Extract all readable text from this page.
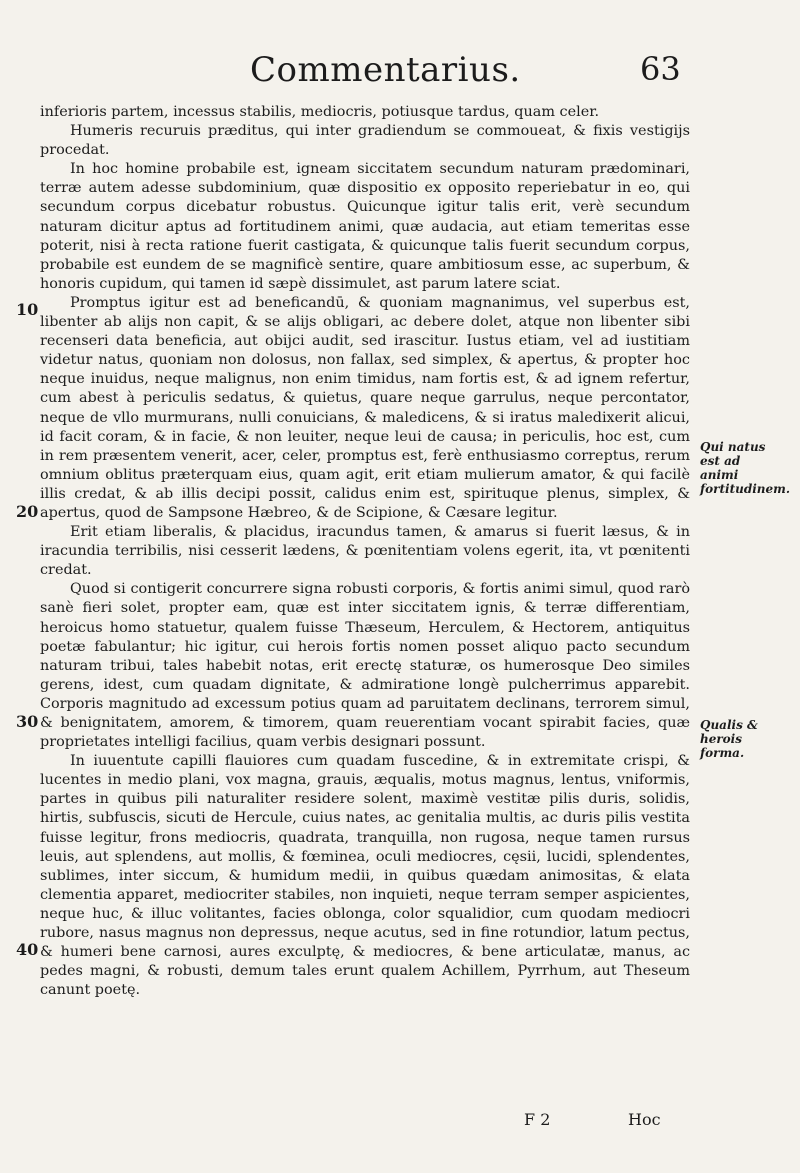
Commentarius.	63

inferioris partem, incessus stabilis, mediocris, potiusque tardus, quam celer.

Humeris recuruis præditus, qui inter gradiendum se commoueat, & fixis vestigijs procedat.

In hoc homine probabile est, igneam siccitatem secundum naturam prædominari, terræ autem adesse subdominium, quæ dispositio ex opposito reperiebatur in eo, qui secundum corpus dicebatur robustus. Quicunque igitur talis erit, verè secundum naturam dicitur aptus ad fortitudinem animi, quæ audacia, aut etiam temeritas esse poterit, nisi à recta ratione fuerit castigata, & quicunque talis fuerit secundum corpus, probabile est eundem de se magnificè sentire, quare ambitiosum esse, ac superbum, & honoris cupidum, qui tamen id sæpè dissimulet, ast parum latere sciat.

Promptus igitur est ad beneficandū, & quoniam magnanimus, vel superbus est, libenter ab alijs non capit, & se alijs obligari, ac debere dolet, atque non libenter sibi recenseri data beneficia, aut obijci audit, sed irascitur. Iustus etiam, vel ad iustitiam videtur natus, quoniam non dolosus, non fallax, sed simplex, & apertus, & propter hoc neque inuidus, neque malignus, non enim timidus, nam fortis est, & ad ignem refertur, cum abest à periculis sedatus, & quietus, quare neque garrulus, neque percontator, neque de vllo murmurans, nulli conuicians, & maledicens, & si iratus maledixerit alicui, id facit coram, & in facie, & non leuiter, neque leui de causa; in periculis, hoc est, cum in rem præsentem venerit, acer, celer, promptus est, ferè enthusiasmo correptus, rerum omnium oblitus præterquam eius, quam agit, erit etiam mulierum amator, & qui facilè illis credat, & ab illis decipi possit, calidus enim est, spirituque plenus, simplex, & apertus, quod de Sampsone Hæbreo, & de Scipione, & Cæsare legitur.

Erit etiam liberalis, & placidus, iracundus tamen, & amarus si fuerit læsus, & in iracundia terribilis, nisi cesserit lædens, & pœnitentiam volens egerit, ita, vt pœnitenti credat.

Quod si contigerit concurrere signa robusti corporis, & fortis animi simul, quod rarò sanè fieri solet, propter eam, quæ est inter siccitatem ignis, & terræ differentiam, heroicus homo statuetur, qualem fuisse Thæseum, Herculem, & Hectorem, antiquitus poetæ fabulantur; hic igitur, cui herois fortis nomen posset aliquo pacto secundum naturam tribui, tales habebit notas, erit erectę staturæ, os humerosque Deo similes gerens, idest, cum quadam dignitate, & admiratione longè pulcherrimus apparebit. Corporis magnitudo ad excessum potius quam ad paruitatem declinans, terrorem simul, & benignitatem, amorem, & timorem, quam reuerentiam vocant spirabit facies, quæ proprietates intelligi facilius, quam verbis designari possunt.

In iuuentute capilli flauiores cum quadam fuscedine, & in extremitate crispi, & lucentes in medio plani, vox magna, grauis, æqualis, motus magnus, lentus, vniformis, partes in quibus pili naturaliter residere solent, maximè vestitæ pilis duris, solidis, hirtis, subfuscis, sicuti de Hercule, cuius nates, ac genitalia multis, ac duris pilis vestita fuisse legitur, frons mediocris, quadrata, tranquilla, non rugosa, neque tamen rursus leuis, aut splendens, aut mollis, & fœminea, oculi mediocres, cęsii, lucidi, splendentes, sublimes, inter siccum, & humidum medii, in quibus quædam animositas, & elata clementia apparet, mediocriter stabiles, non inquieti, neque terram semper aspicientes, neque huc, & illuc volitantes, facies oblonga, color squalidior, cum quodam mediocri rubore, nasus magnus non depressus, neque acutus, sed in fine rotundior, latum pectus, & humeri bene carnosi, aures exculptę, & mediocres, & bene articulatæ, manus, ac pedes magni, & robusti, demum tales erunt qualem Achillem, Pyrrhum, aut Theseum canunt poetę.

10
20
30
40
Qui natus est ad animi fortitudinem.
Qualis & herois forma.
F 2	Hoc
